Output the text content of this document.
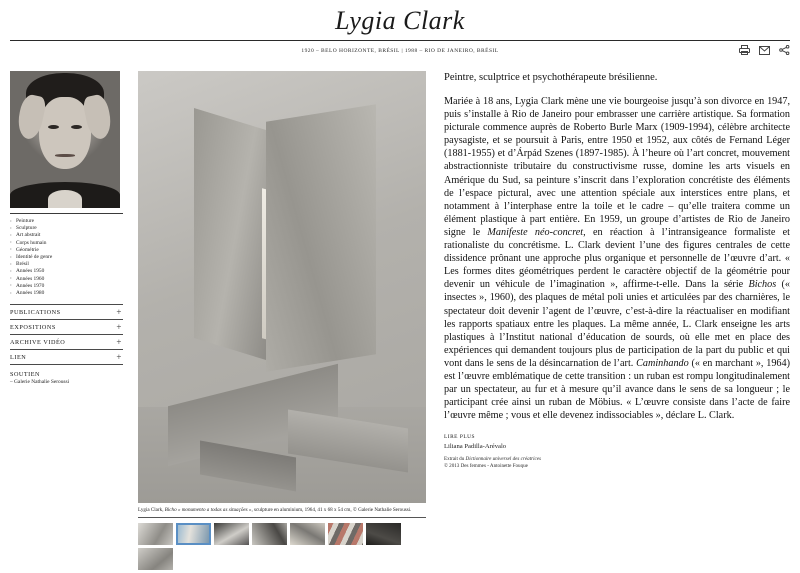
Lygia Clark
1920 – BELO HORIZONTE, BRÉSIL | 1988 – RIO DE JANEIRO, BRÉSIL
› Peinture
› Sculpture
› Art abstrait
› Corps humain
› Géométrie
› Identité de genre
› Brésil
› Années 1950
› Années 1960
› Années 1970
› Années 1980
PUBLICATIONS	+
EXPOSITIONS	+
ARCHIVE VIDÉO	+
LIEN	+
SOUTIEN
– Galerie Nathalie Seroussi
Lygia Clark, Bicho « monumento a todas as situações », sculpture en aluminium, 1964, 41 x 68 x 54 cm, © Galerie Nathalie Seroussi.
Peintre, sculptrice et psychothérapeute brésilienne.
Mariée à 18 ans, Lygia Clark mène une vie bourgeoise jusqu’à son divorce en 1947, puis s’installe à Rio de Janeiro pour embrasser une carrière artistique. Sa formation picturale commence auprès de Roberto Burle Marx (1909-1994), célèbre architecte paysagiste, et se poursuit à Paris, entre 1950 et 1952, aux côtés de Fernand Léger (1881-1955) et d’Árpád Szenes (1897-1985). À l’heure où l’art concret, mouvement abstractionniste tributaire du constructivisme russe, domine les arts visuels en Amérique du Sud, sa peinture s’inscrit dans l’exploration concrétiste des éléments de l’espace pictural, avec une attention spéciale aux interstices entre plans, et notamment à l’interphase entre la toile et le cadre – qu’elle traitera comme un élément plastique à part entière. En 1959, un groupe d’artistes de Rio de Janeiro signe le Manifeste néo-concret, en réaction à l’intransigeance formaliste et rationaliste du concrétisme. L. Clark devient l’une des figures centrales de cette dissidence prônant une approche plus organique et personnelle de l’œuvre d’art. « Les formes dites géométriques perdent le caractère objectif de la géométrie pour devenir un véhicule de l’imagination », affirme-t-elle. Dans la série Bichos (« insectes », 1960), des plaques de métal poli unies et articulées par des charnières, le spectateur doit devenir l’agent de l’œuvre, c’est-à-dire la réactualiser en modifiant les rapports spatiaux entre les plaques. La même année, L. Clark enseigne les arts plastiques à l’Institut national d’éducation de sourds, où elle met en place des expériences qui demandent toujours plus de participation de la part du public et qui vont dans le sens de la désincarnation de l’art. Caminhando (« en marchant », 1964) est l’œuvre emblématique de cette transition : un ruban est rompu longitudinalement par un spectateur, au fur et à mesure qu’il avance dans le sens de sa longueur ; le participant crée ainsi un ruban de Möbius. « L’œuvre consiste dans l’acte de faire l’œuvre même ; vous et elle devenez indissociables », déclare L. Clark.
LIRE PLUS
Liliana Padilla-Arévalo
Extrait du Dictionnaire universel des créatrices
© 2013 Des femmes - Antoinette Fouque
